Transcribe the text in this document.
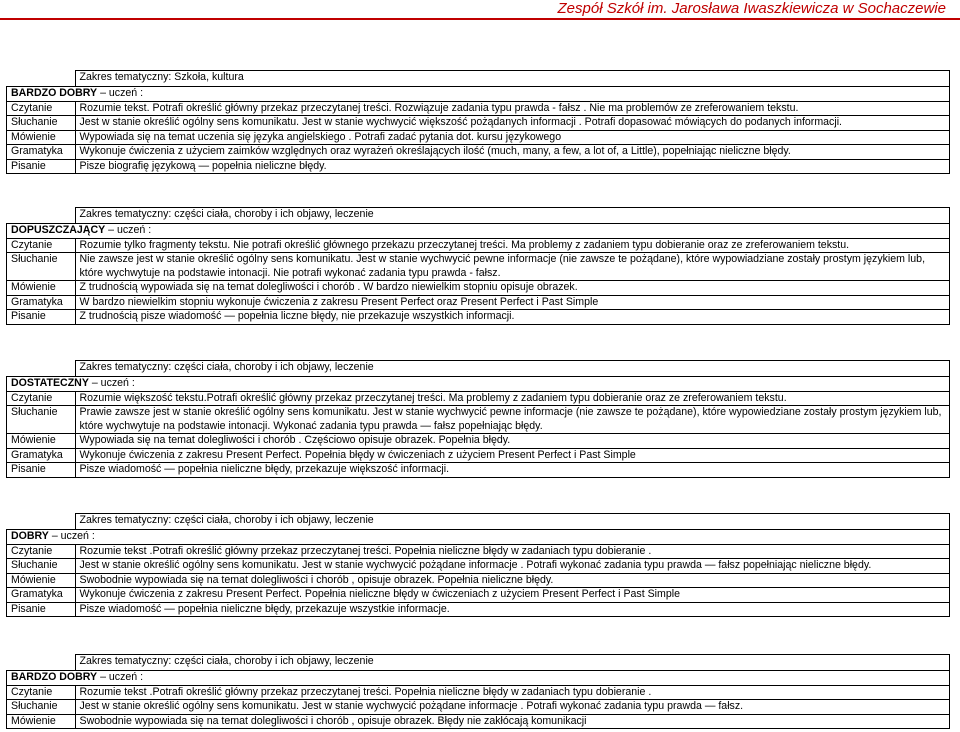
Zespół Szkół im. Jarosława Iwaszkiewicza w Sochaczewie
	Zakres tematyczny: Szkoła, kultura
BARDZO DOBRY – uczeń :	
Czytanie	Rozumie tekst. Potrafi określić główny przekaz przeczytanej treści. Rozwiązuje zadania typu prawda - fałsz . Nie ma problemów ze zreferowaniem tekstu.
Słuchanie	Jest w stanie określić ogólny sens komunikatu. Jest w stanie wychwycić większość pożądanych informacji . Potrafi dopasować mówiących do podanych informacji.
Mówienie	Wypowiada się na temat uczenia się języka angielskiego . Potrafi zadać pytania dot. kursu językowego
Gramatyka	Wykonuje ćwiczenia z użyciem zaimków względnych oraz wyrażeń określających ilość (much, many, a few, a lot of, a Little), popełniając nieliczne błędy.
Pisanie	Pisze biografię językową — popełnia nieliczne błędy.
	Zakres tematyczny: części ciała, choroby i ich objawy, leczenie
DOPUSZCZAJĄCY – uczeń :	
Czytanie	Rozumie tylko fragmenty tekstu. Nie potrafi określić głównego przekazu przeczytanej treści. Ma problemy z zadaniem typu dobieranie oraz ze zreferowaniem tekstu.
Słuchanie	Nie zawsze jest w stanie określić ogólny sens komunikatu. Jest w stanie wychwycić pewne informacje (nie zawsze te pożądane), które wypowiadziane zostały prostym językiem lub, które wychwytuje na podstawie intonacji. Nie potrafi wykonać zadania typu prawda - fałsz.
Mówienie	Z trudnością wypowiada się na temat dolegliwości i chorób . W bardzo niewielkim stopniu opisuje obrazek.
Gramatyka	W bardzo niewielkim stopniu wykonuje ćwiczenia z zakresu Present Perfect oraz Present Perfect i Past Simple
Pisanie	Z trudnością pisze wiadomość — popełnia liczne błędy, nie przekazuje wszystkich informacji.
	Zakres tematyczny: części ciała, choroby i ich objawy, leczenie
DOSTATECZNY – uczeń :	
Czytanie	Rozumie większość tekstu.Potrafi określić główny przekaz przeczytanej treści. Ma problemy z zadaniem typu dobieranie oraz ze zreferowaniem tekstu.
Słuchanie	Prawie zawsze jest w stanie określić ogólny sens komunikatu. Jest w stanie wychwycić pewne informacje (nie zawsze te pożądane), które wypowiedziane zostały prostym językiem lub, które wychwytuje na podstawie intonacji. Wykonać zadania typu prawda — fałsz popełniając błędy.
Mówienie	Wypowiada się na temat dolegliwości i chorób . Częściowo opisuje obrazek. Popełnia błędy.
Gramatyka	Wykonuje ćwiczenia z zakresu Present Perfect. Popełnia błędy w ćwiczeniach z użyciem Present Perfect i Past Simple
Pisanie	Pisze wiadomość — popełnia nieliczne błędy, przekazuje większość informacji.
	Zakres tematyczny: części ciała, choroby i ich objawy, leczenie
DOBRY – uczeń :	
Czytanie	Rozumie tekst .Potrafi określić główny przekaz przeczytanej treści. Popełnia nieliczne błędy w zadaniach typu dobieranie .
Słuchanie	Jest w stanie określić ogólny sens komunikatu. Jest w stanie wychwycić pożądane informacje . Potrafi wykonać zadania typu prawda — fałsz popełniając nieliczne błędy.
Mówienie	Swobodnie wypowiada się na temat dolegliwości i chorób , opisuje obrazek. Popełnia nieliczne błędy.
Gramatyka	Wykonuje ćwiczenia z zakresu Present Perfect. Popełnia nieliczne błędy w ćwiczeniach z użyciem Present Perfect i Past Simple
Pisanie	Pisze wiadomość — popełnia nieliczne błędy, przekazuje wszystkie informacje.
	Zakres tematyczny: części ciała, choroby i ich objawy, leczenie
BARDZO DOBRY – uczeń :	
Czytanie	Rozumie tekst .Potrafi określić główny przekaz przeczytanej treści. Popełnia nieliczne błędy w zadaniach typu dobieranie .
Słuchanie	Jest w stanie określić ogólny sens komunikatu. Jest w stanie wychwycić pożądane informacje . Potrafi wykonać zadania typu prawda — fałsz.
Mówienie	Swobodnie wypowiada się na temat dolegliwości i chorób , opisuje obrazek. Błędy nie zakłócają komunikacji
